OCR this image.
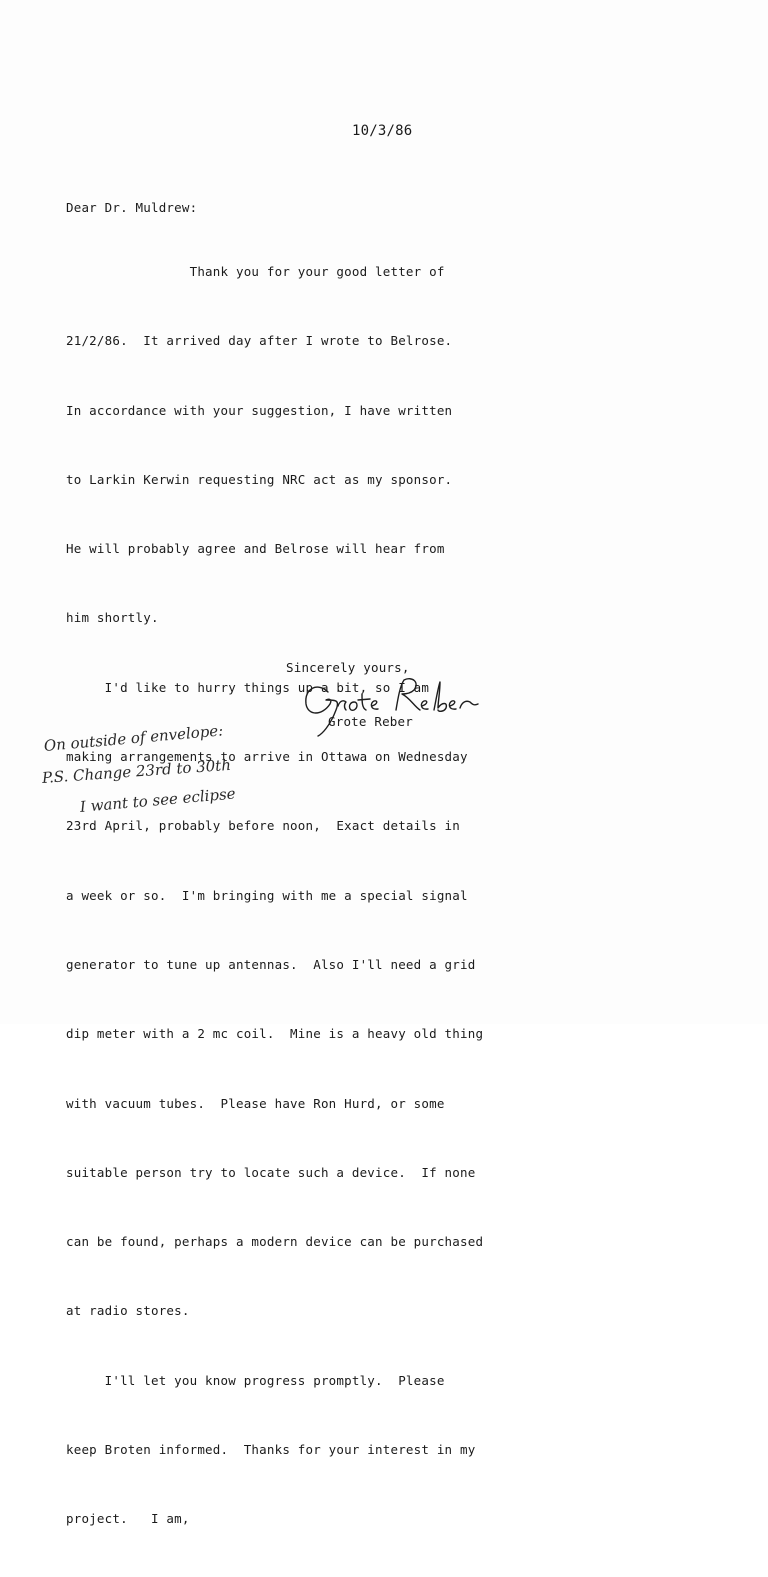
10/3/86
Dear Dr. Muldrew:

Thank you for your good letter of

21/2/86.  It arrived day after I wrote to Belrose.

In accordance with your suggestion, I have written

to Larkin Kerwin requesting NRC act as my sponsor.

He will probably agree and Belrose will hear from

him shortly.

I'd like to hurry things up a bit, so I am

making arrangements to arrive in Ottawa on Wednesday

23rd April, probably before noon,  Exact details in

a week or so.  I'm bringing with me a special signal

generator to tune up antennas.  Also I'll need a grid

dip meter with a 2 mc coil.  Mine is a heavy old thing

with vacuum tubes.  Please have Ron Hurd, or some

suitable person try to locate such a device.  If none

can be found, perhaps a modern device can be purchased

at radio stores.

I'll let you know progress promptly.  Please

keep Broten informed.  Thanks for your interest in my

project.   I am,

Sincerely yours,
Grote Reber
On outside of envelope:
P.S. Change 23rd to 30th
I want to see eclipse
